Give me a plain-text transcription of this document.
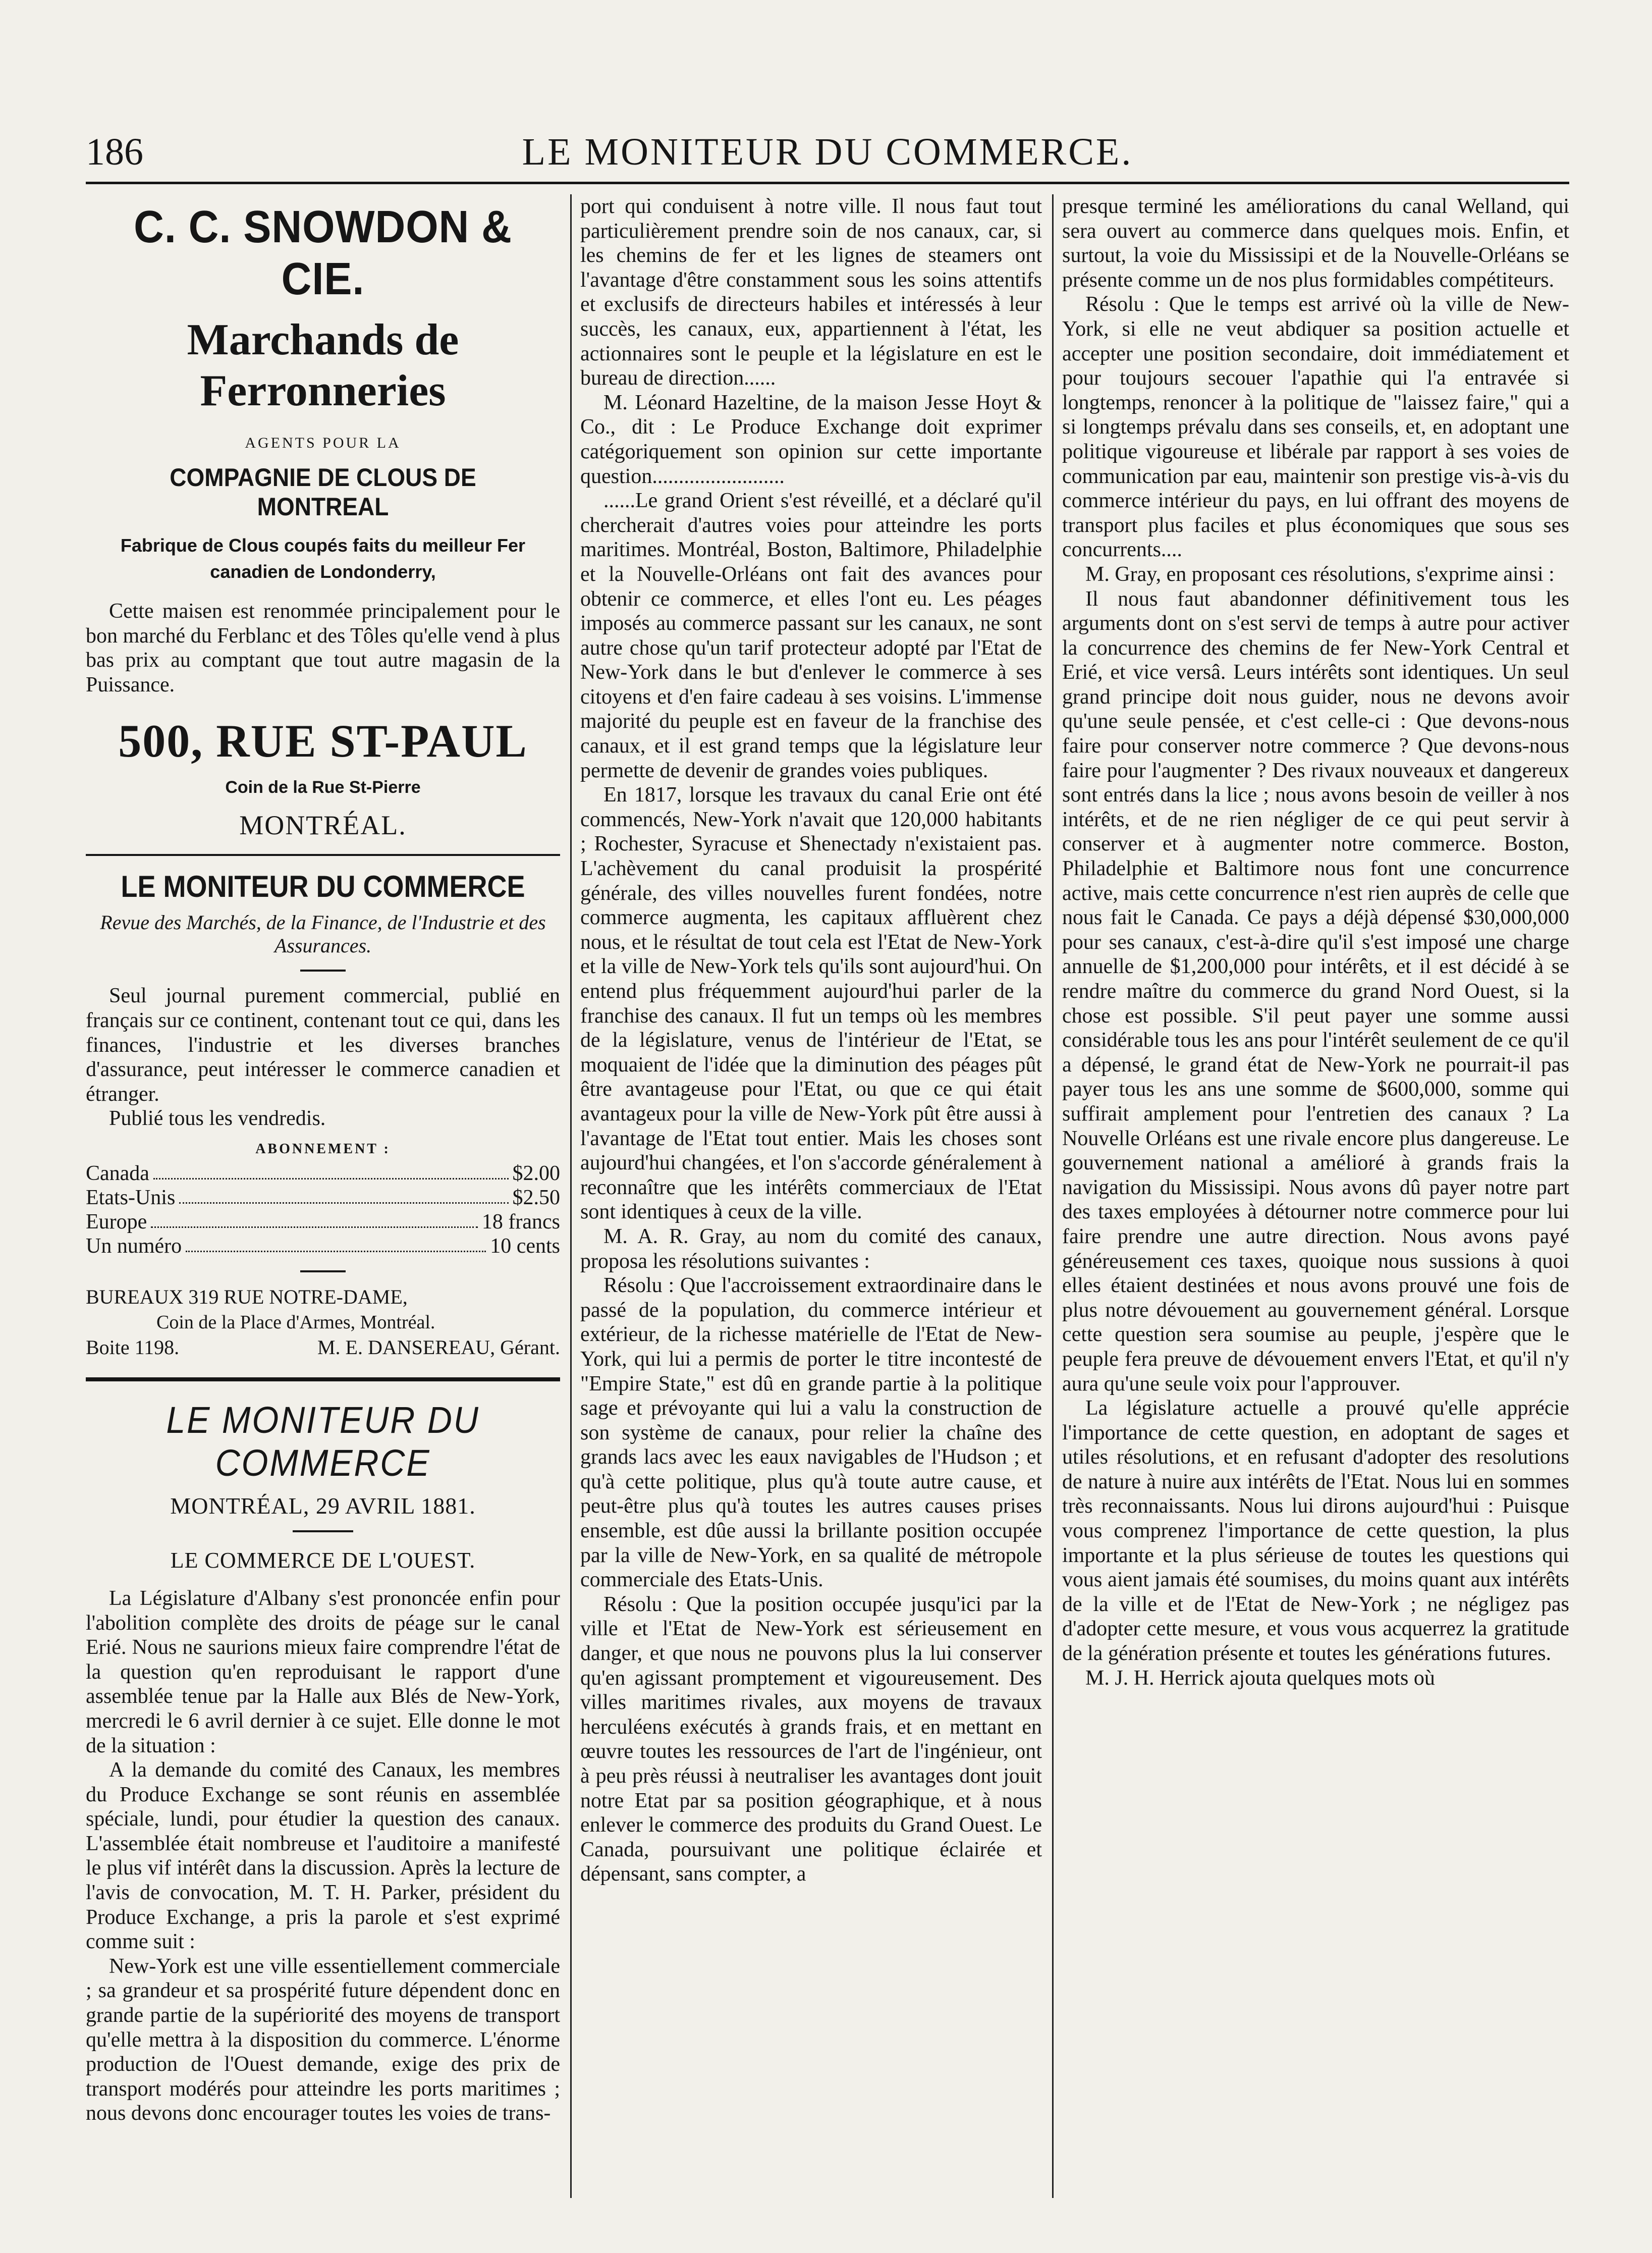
186	LE MONITEUR DU COMMERCE.
C. C. SNOWDON & CIE.
Marchands de Ferronneries
AGENTS POUR LA
COMPAGNIE DE CLOUS DE MONTREAL
Fabrique de Clous coupés faits du meilleur Fer canadien de Londonderry,

Cette maisen est renommée principalement pour le bon marché du Ferblanc et des Tôles qu'elle vend à plus bas prix au comptant que tout autre magasin de la Puissance.

500, RUE ST-PAUL
Coin de la Rue St-Pierre
MONTRÉAL.
LE MONITEUR DU COMMERCE
Revue des Marchés, de la Finance, de l'Industrie et des Assurances.

Seul journal purement commercial, publié en français sur ce continent, contenant tout ce qui, dans les finances, l'industrie et les diverses branches d'assurance, peut intéresser le commerce canadien et étranger.

Publié tous les vendredis.

ABONNEMENT :
Canada	$2.00
Etats-Unis	$2.50
Europe	18 francs
Un numéro	10 cents
BUREAUX 319 RUE NOTRE-DAME,
Coin de la Place d'Armes, Montréal.
Boite 1198.	M. E. DANSEREAU, Gérant.
LE MONITEUR DU COMMERCE
MONTRÉAL, 29 AVRIL 1881.
LE COMMERCE DE L'OUEST.

La Législature d'Albany s'est prononcée enfin pour l'abolition complète des droits de péage sur le canal Erié. Nous ne saurions mieux faire comprendre l'état de la question qu'en reproduisant le rapport d'une assemblée tenue par la Halle aux Blés de New-York, mercredi le 6 avril dernier à ce sujet. Elle donne le mot de la situation :

A la demande du comité des Canaux, les membres du Produce Exchange se sont réunis en assemblée spéciale, lundi, pour étudier la question des canaux. L'assemblée était nombreuse et l'auditoire a manifesté le plus vif intérêt dans la discussion. Après la lecture de l'avis de convocation, M. T. H. Parker, président du Produce Exchange, a pris la parole et s'est exprimé comme suit :

New-York est une ville essentiellement commerciale ; sa grandeur et sa prospérité future dépendent donc en grande partie de la supériorité des moyens de transport qu'elle mettra à la disposition du commerce. L'énorme production de l'Ouest demande, exige des prix de transport modérés pour atteindre les ports maritimes ; nous devons donc encourager toutes les voies de trans-

port qui conduisent à notre ville. Il nous faut tout particulièrement prendre soin de nos canaux, car, si les chemins de fer et les lignes de steamers ont l'avantage d'être constamment sous les soins attentifs et exclusifs de directeurs habiles et intéressés à leur succès, les canaux, eux, appartiennent à l'état, les actionnaires sont le peuple et la législature en est le bureau de direction......

M. Léonard Hazeltine, de la maison Jesse Hoyt & Co., dit : Le Produce Exchange doit exprimer catégoriquement son opinion sur cette importante question.........................

......Le grand Orient s'est réveillé, et a déclaré qu'il chercherait d'autres voies pour atteindre les ports maritimes. Montréal, Boston, Baltimore, Philadelphie et la Nouvelle-Orléans ont fait des avances pour obtenir ce commerce, et elles l'ont eu. Les péages imposés au commerce passant sur les canaux, ne sont autre chose qu'un tarif protecteur adopté par l'Etat de New-York dans le but d'enlever le commerce à ses citoyens et d'en faire cadeau à ses voisins. L'immense majorité du peuple est en faveur de la franchise des canaux, et il est grand temps que la législature leur permette de devenir de grandes voies publiques.

En 1817, lorsque les travaux du canal Erie ont été commencés, New-York n'avait que 120,000 habitants ; Rochester, Syracuse et Shenectady n'existaient pas. L'achèvement du canal produisit la prospérité générale, des villes nouvelles furent fondées, notre commerce augmenta, les capitaux affluèrent chez nous, et le résultat de tout cela est l'Etat de New-York et la ville de New-York tels qu'ils sont aujourd'hui. On entend plus fréquemment aujourd'hui parler de la franchise des canaux. Il fut un temps où les membres de la législature, venus de l'intérieur de l'Etat, se moquaient de l'idée que la diminution des péages pût être avantageuse pour l'Etat, ou que ce qui était avantageux pour la ville de New-York pût être aussi à l'avantage de l'Etat tout entier. Mais les choses sont aujourd'hui changées, et l'on s'accorde généralement à reconnaître que les intérêts commerciaux de l'Etat sont identiques à ceux de la ville.

M. A. R. Gray, au nom du comité des canaux, proposa les résolutions suivantes :

Résolu : Que l'accroissement extraordinaire dans le passé de la population, du commerce intérieur et extérieur, de la richesse matérielle de l'Etat de New-York, qui lui a permis de porter le titre incontesté de "Empire State," est dû en grande partie à la politique sage et prévoyante qui lui a valu la construction de son système de canaux, pour relier la chaîne des grands lacs avec les eaux navigables de l'Hudson ; et qu'à cette politique, plus qu'à toute autre cause, et peut-être plus qu'à toutes les autres causes prises ensemble, est dûe aussi la brillante position occupée par la ville de New-York, en sa qualité de métropole commerciale des Etats-Unis.

Résolu : Que la position occupée jusqu'ici par la ville et l'Etat de New-York est sérieusement en danger, et que nous ne pouvons plus la lui conserver qu'en agissant promptement et vigoureusement. Des villes maritimes rivales, aux moyens de travaux herculéens exécutés à grands frais, et en mettant en œuvre toutes les ressources de l'art de l'ingénieur, ont à peu près réussi à neutraliser les avantages dont jouit notre Etat par sa position géographique, et à nous enlever le commerce des produits du Grand Ouest. Le Canada, poursuivant une politique éclairée et dépensant, sans compter, a

presque terminé les améliorations du canal Welland, qui sera ouvert au commerce dans quelques mois. Enfin, et surtout, la voie du Mississipi et de la Nouvelle-Orléans se présente comme un de nos plus formidables compétiteurs.

Résolu : Que le temps est arrivé où la ville de New-York, si elle ne veut abdiquer sa position actuelle et accepter une position secondaire, doit immédiatement et pour toujours secouer l'apathie qui l'a entravée si longtemps, renoncer à la politique de "laissez faire," qui a si longtemps prévalu dans ses conseils, et, en adoptant une politique vigoureuse et libérale par rapport à ses voies de communication par eau, maintenir son prestige vis-à-vis du commerce intérieur du pays, en lui offrant des moyens de transport plus faciles et plus économiques que sous ses concurrents....

M. Gray, en proposant ces résolutions, s'exprime ainsi :

Il nous faut abandonner définitivement tous les arguments dont on s'est servi de temps à autre pour activer la concurrence des chemins de fer New-York Central et Erié, et vice versâ. Leurs intérêts sont identiques. Un seul grand principe doit nous guider, nous ne devons avoir qu'une seule pensée, et c'est celle-ci : Que devons-nous faire pour conserver notre commerce ? Que devons-nous faire pour l'augmenter ? Des rivaux nouveaux et dangereux sont entrés dans la lice ; nous avons besoin de veiller à nos intérêts, et de ne rien négliger de ce qui peut servir à conserver et à augmenter notre commerce. Boston, Philadelphie et Baltimore nous font une concurrence active, mais cette concurrence n'est rien auprès de celle que nous fait le Canada. Ce pays a déjà dépensé $30,000,000 pour ses canaux, c'est-à-dire qu'il s'est imposé une charge annuelle de $1,200,000 pour intérêts, et il est décidé à se rendre maître du commerce du grand Nord Ouest, si la chose est possible. S'il peut payer une somme aussi considérable tous les ans pour l'intérêt seulement de ce qu'il a dépensé, le grand état de New-York ne pourrait-il pas payer tous les ans une somme de $600,000, somme qui suffirait amplement pour l'entretien des canaux ? La Nouvelle Orléans est une rivale encore plus dangereuse. Le gouvernement national a amélioré à grands frais la navigation du Mississipi. Nous avons dû payer notre part des taxes employées à détourner notre commerce pour lui faire prendre une autre direction. Nous avons payé généreusement ces taxes, quoique nous sussions à quoi elles étaient destinées et nous avons prouvé une fois de plus notre dévouement au gouvernement général. Lorsque cette question sera soumise au peuple, j'espère que le peuple fera preuve de dévouement envers l'Etat, et qu'il n'y aura qu'une seule voix pour l'approuver.

La législature actuelle a prouvé qu'elle apprécie l'importance de cette question, en adoptant de sages et utiles résolutions, et en refusant d'adopter des resolutions de nature à nuire aux intérêts de l'Etat. Nous lui en sommes très reconnaissants. Nous lui dirons aujourd'hui : Puisque vous comprenez l'importance de cette question, la plus importante et la plus sérieuse de toutes les questions qui vous aient jamais été soumises, du moins quant aux intérêts de la ville et de l'Etat de New-York ; ne négligez pas d'adopter cette mesure, et vous vous acquerrez la gratitude de la génération présente et toutes les générations futures.

M. J. H. Herrick ajouta quelques mots où
